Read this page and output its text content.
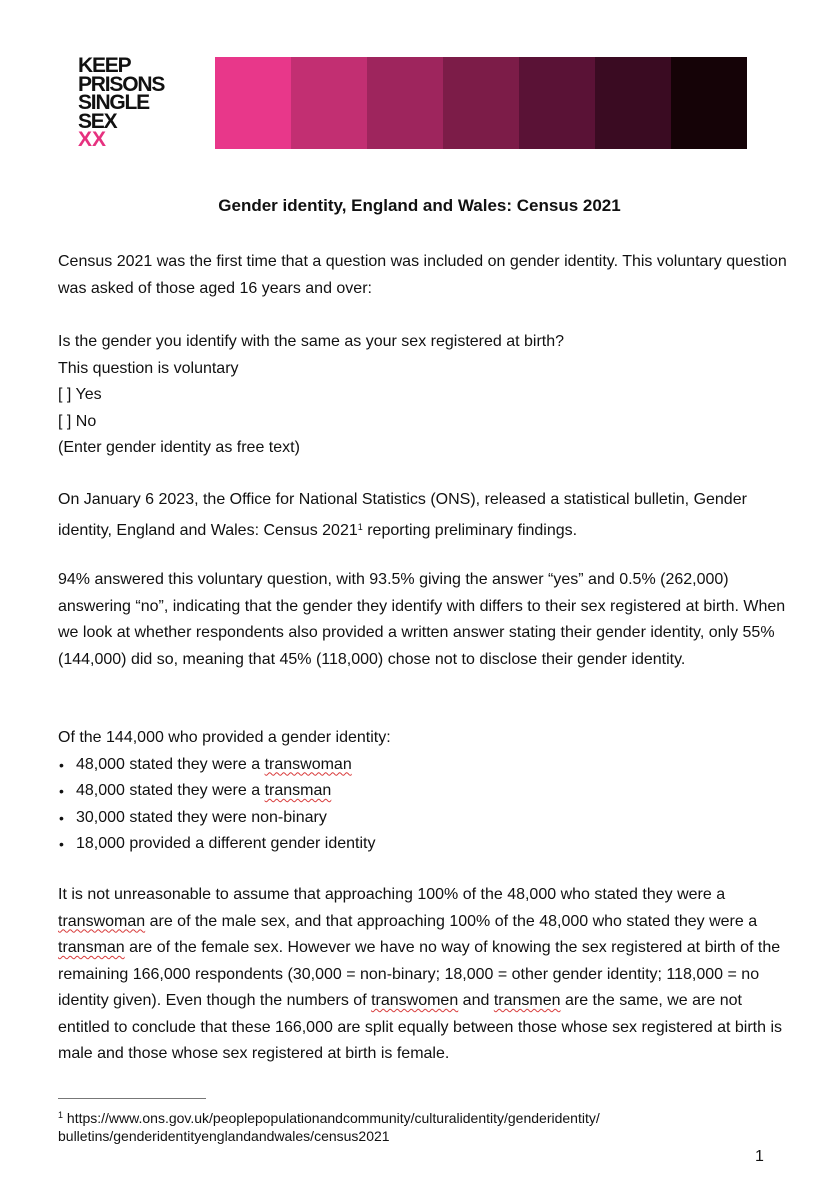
KEEP
PRISONS
SINGLE
SEX
XX
Gender identity, England and Wales: Census 2021

Census 2021 was the first time that a question was included on gender identity. This voluntary question was asked of those aged 16 years and over:

Is the gender you identify with the same as your sex registered at birth?
This question is voluntary
[ ] Yes
[ ] No
(Enter gender identity as free text)

On January 6 2023, the Office for National Statistics (ONS), released a statistical bulletin, Gender identity, England and Wales: Census 2021$^1$ reporting preliminary findings.

94% answered this voluntary question, with 93.5% giving the answer “yes” and 0.5% (262,000) answering “no”, indicating that the gender they identify with differs to their sex registered at birth. When we look at whether respondents also provided a written answer stating their gender identity, only 55% (144,000) did so, meaning that 45% (118,000) chose not to disclose their gender identity.

Of the 144,000 who provided a gender identity:
• 48,000 stated they were a transwoman
• 48,000 stated they were a transman
• 30,000 stated they were non-binary
• 18,000 provided a different gender identity

It is not unreasonable to assume that approaching 100% of the 48,000 who stated they were a transwoman are of the male sex, and that approaching 100% of the 48,000 who stated they were a transman are of the female sex. However we have no way of knowing the sex registered at birth of the remaining 166,000 respondents (30,000 = non-binary; 18,000 = other gender identity; 118,000 = no identity given). Even though the numbers of transwomen and transmen are the same, we are not entitled to conclude that these 166,000 are split equally between those whose sex registered at birth is male and those whose sex registered at birth is female.

$^1$ https://www.ons.gov.uk/peoplepopulationandcommunity/culturalidentity/genderidentity/
bulletins/genderidentityenglandandwales/census2021
1
